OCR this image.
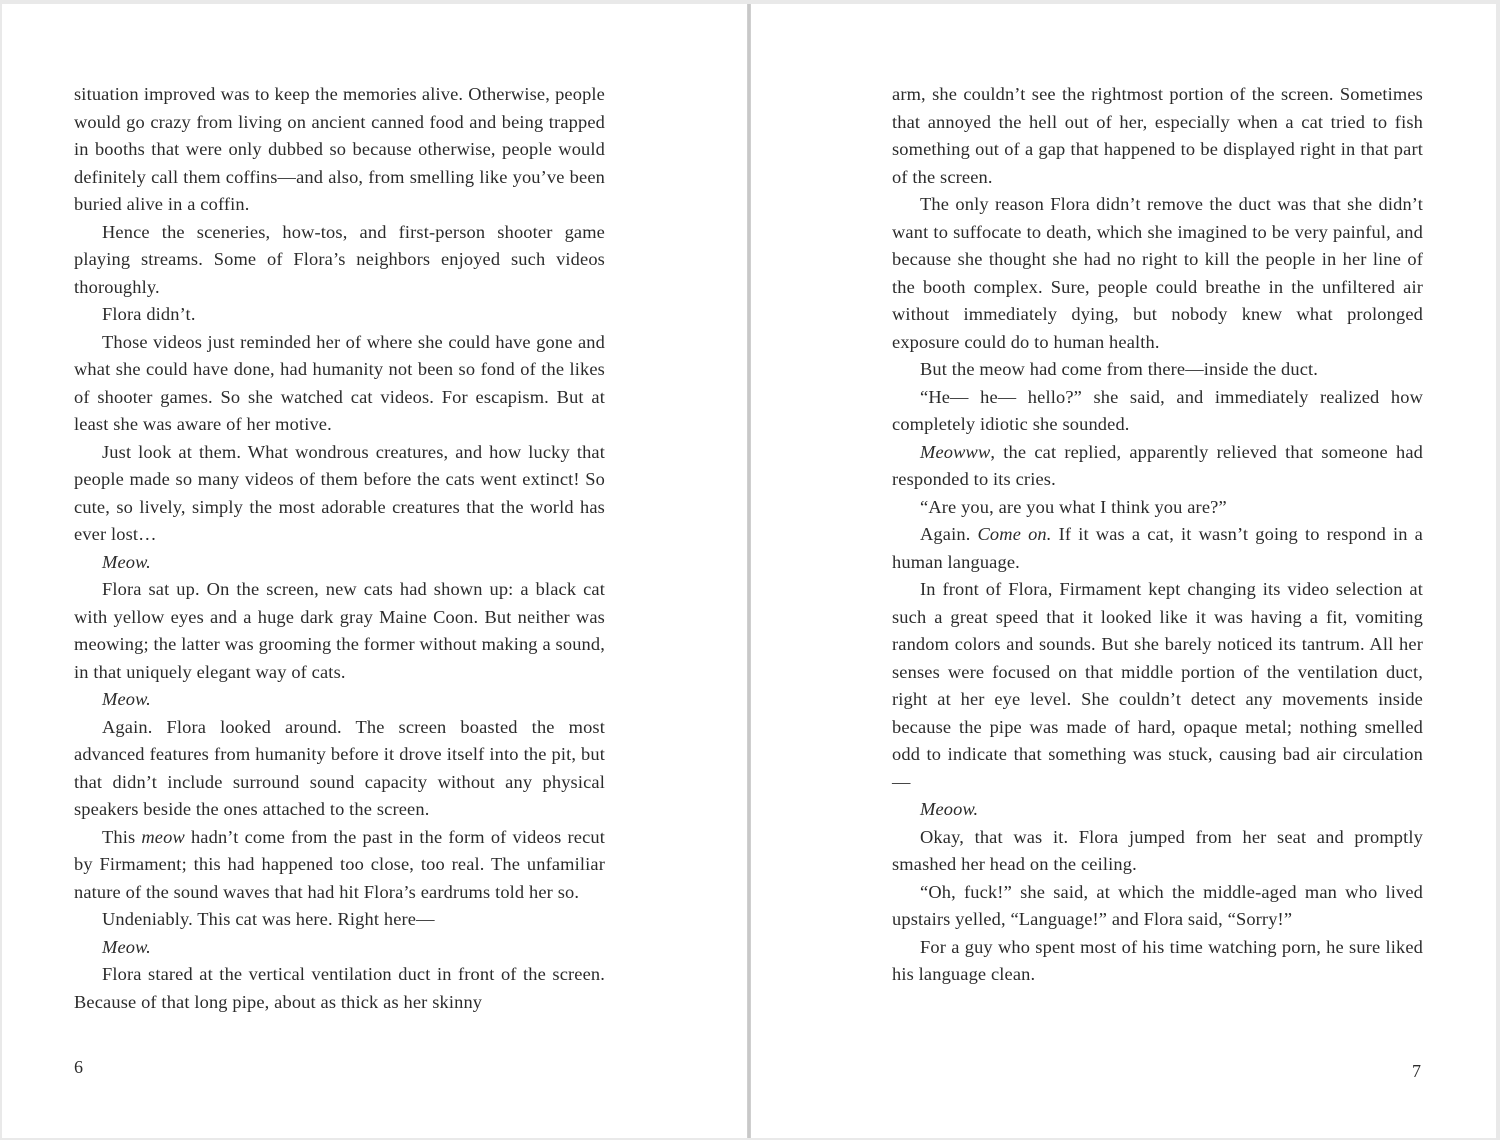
situation improved was to keep the memories alive. Otherwise, people would go crazy from living on ancient canned food and being trapped in booths that were only dubbed so because otherwise, people would definitely call them coffins—and also, from smelling like you’ve been buried alive in a coffin.

Hence the sceneries, how-tos, and first-person shooter game playing streams. Some of Flora’s neighbors enjoyed such videos thoroughly.

Flora didn’t.

Those videos just reminded her of where she could have gone and what she could have done, had humanity not been so fond of the likes of shooter games. So she watched cat videos. For escapism. But at least she was aware of her motive.

Just look at them. What wondrous creatures, and how lucky that people made so many videos of them before the cats went extinct! So cute, so lively, simply the most adorable creatures that the world has ever lost…

Meow.

Flora sat up. On the screen, new cats had shown up: a black cat with yellow eyes and a huge dark gray Maine Coon. But neither was meowing; the latter was grooming the former without making a sound, in that uniquely elegant way of cats.

Meow.

Again. Flora looked around. The screen boasted the most advanced features from humanity before it drove itself into the pit, but that didn’t include surround sound capacity without any physical speakers beside the ones attached to the screen.

This meow hadn’t come from the past in the form of videos recut by Firmament; this had happened too close, too real. The unfamiliar nature of the sound waves that had hit Flora’s eardrums told her so.

Undeniably. This cat was here. Right here—

Meow.

Flora stared at the vertical ventilation duct in front of the screen. Because of that long pipe, about as thick as her skinny

6

arm, she couldn’t see the rightmost portion of the screen. Sometimes that annoyed the hell out of her, especially when a cat tried to fish something out of a gap that happened to be displayed right in that part of the screen.

The only reason Flora didn’t remove the duct was that she didn’t want to suffocate to death, which she imagined to be very painful, and because she thought she had no right to kill the people in her line of the booth complex. Sure, people could breathe in the unfiltered air without immediately dying, but nobody knew what prolonged exposure could do to human health.

But the meow had come from there—inside the duct.

“He— he— hello?” she said, and immediately realized how completely idiotic she sounded.

Meowww, the cat replied, apparently relieved that someone had responded to its cries.

“Are you, are you what I think you are?”

Again. Come on. If it was a cat, it wasn’t going to respond in a human language.

In front of Flora, Firmament kept changing its video selection at such a great speed that it looked like it was having a fit, vomiting random colors and sounds. But she barely noticed its tantrum. All her senses were focused on that middle portion of the ventilation duct, right at her eye level. She couldn’t detect any movements inside because the pipe was made of hard, opaque metal; nothing smelled odd to indicate that something was stuck, causing bad air circulation—

Meoow.

Okay, that was it. Flora jumped from her seat and promptly smashed her head on the ceiling.

“Oh, fuck!” she said, at which the middle-aged man who lived upstairs yelled, “Language!” and Flora said, “Sorry!”

For a guy who spent most of his time watching porn, he sure liked his language clean.

7
